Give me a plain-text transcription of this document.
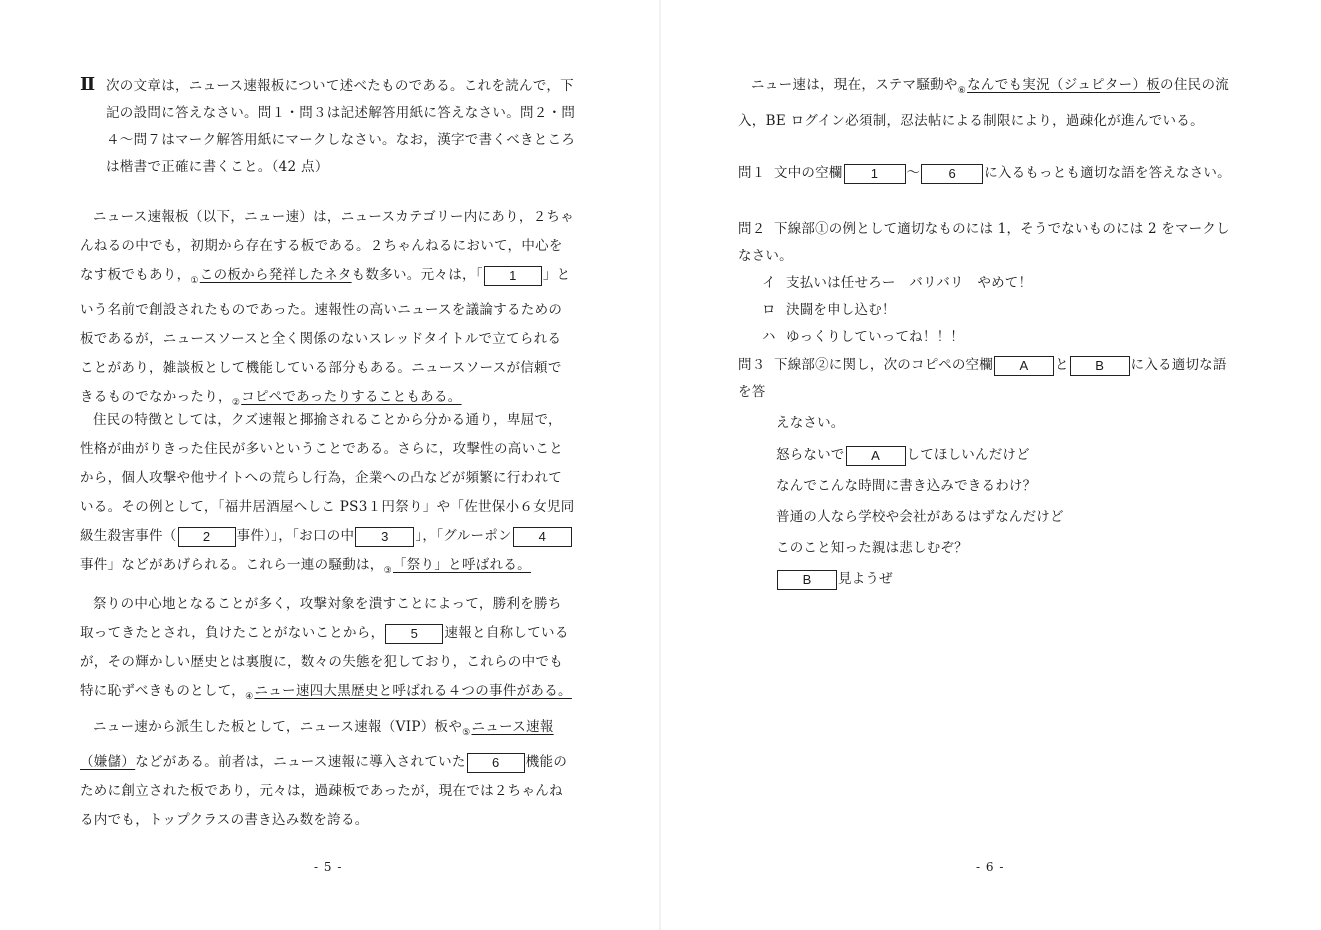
Ⅱ 次の文章は，ニュース速報板について述べたものである。これを読んで，下記の設問に答えなさい。問１・問３は記述解答用紙に答えなさい。問２・問４〜問７はマーク解答用紙にマークしなさい。なお，漢字で書くべきところは楷書で正確に書くこと。（42 点）
ニュース速報板（以下，ニュー速）は，ニュースカテゴリー内にあり，２ちゃんねるの中でも，初期から存在する板である。２ちゃんねるにおいて，中心をなす板でもあり，$_①$この板から発祥したネタも数多い。元々は，「 1 」という名前で創設されたものであった。速報性の高いニュースを議論するための板であるが，ニュースソースと全く関係のないスレッドタイトルで立てられることがあり，雑談板として機能している部分もある。ニュースソースが信頼できるものでなかったり，$_②$コピペであったりすることもある。
住民の特徴としては，クズ速報と揶揄されることから分かる通り，卑屈で，性格が曲がりきった住民が多いということである。さらに，攻撃性の高いことから，個人攻撃や他サイトへの荒らし行為，企業への凸などが頻繁に行われている。その例として，「福井居酒屋へしこ PS3１円祭り」や「佐世保小６女児同級生殺害事件（ 2 事件）」，「お口の中 3 」，「グルーポン 4事件」などがあげられる。これら一連の騒動は，$_③$「祭り」と呼ばれる。
祭りの中心地となることが多く，攻撃対象を潰すことによって，勝利を勝ち取ってきたとされ，負けたことがないことから， 5 速報と自称しているが，その輝かしい歴史とは裏腹に，数々の失態を犯しており，これらの中でも特に恥ずべきものとして，$_④$ニュー速四大黒歴史と呼ばれる４つの事件がある。
ニュー速から派生した板として，ニュース速報（VIP）板や$_⑤$ニュース速報（嫌儲）などがある。前者は，ニュース速報に導入されていた 6 機能のために創立された板であり，元々は，過疎板であったが，現在では２ちゃんねる内でも，トップクラスの書き込み数を誇る。
- 5 -
ニュー速は，現在，ステマ騒動や$_⑥$なんでも実況（ジュピター）板の住民の流入，BE ログイン必須制，忍法帖による制限により，過疎化が進んでいる。
問１ 文中の空欄 1 〜 6 に入るもっとも適切な語を答えなさい。
問２ 下線部①の例として適切なものには 1，そうでないものには 2 をマークしなさい。
イ 支払いは任せろー　バリバリ　やめて！
ロ 決闘を申し込む！
ハ ゆっくりしていってね！！！
問３ 下線部②に関し，次のコピペの空欄 A と B に入る適切な語を答
えなさい。
怒らないで A してほしいんだけど
なんでこんな時間に書き込みできるわけ？
普通の人なら学校や会社があるはずなんだけど
このこと知った親は悲しむぞ？
B 見ようぜ
- 6 -
